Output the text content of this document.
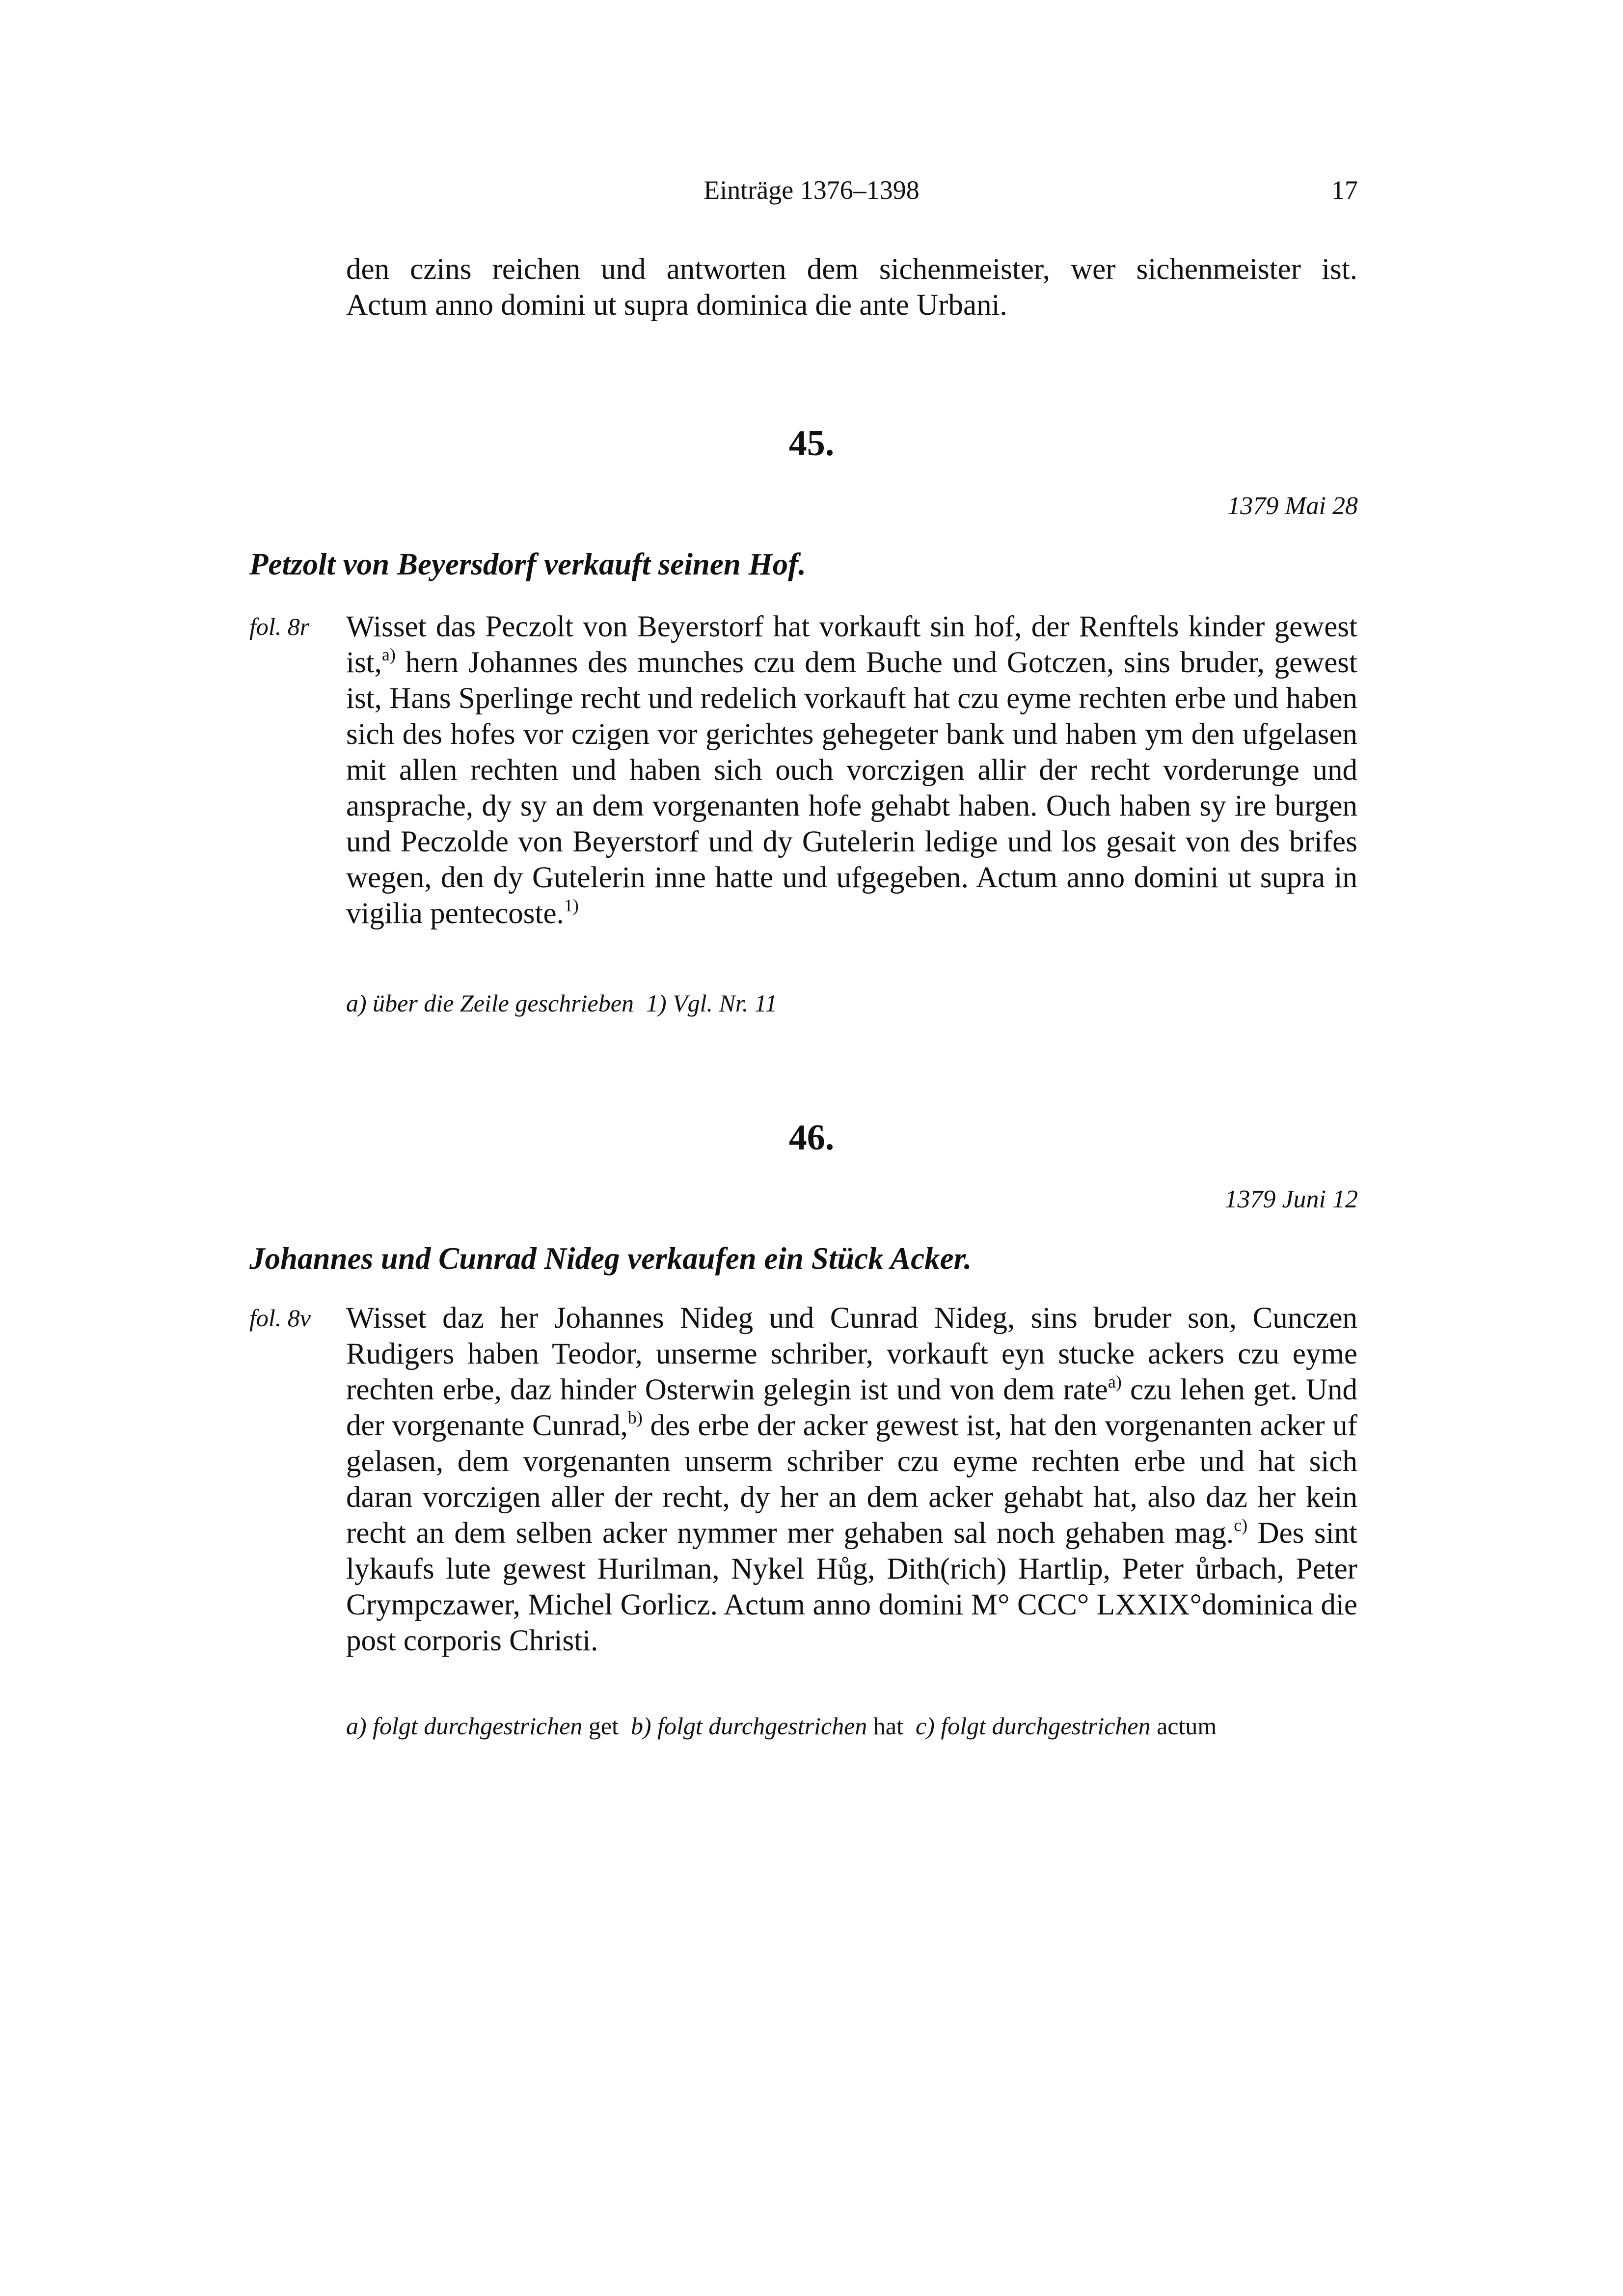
Einträge 1376–1398	17
den czins reichen und antworten dem sichenmeister, wer sichenmeister ist.
Actum anno domini ut supra dominica die ante Urbani.
45.
1379 Mai 28
Petzolt von Beyersdorf verkauft seinen Hof.
fol. 8r Wisset das Peczolt von Beyerstorf hat vorkauft sin hof, der Renftels kinder gewest ist,$^{a)}$ hern Johannes des munches czu dem Buche und Gotczen, sins bruder, gewest ist, Hans Sperlinge recht und redelich vorkauft hat czu eyme rechten erbe und haben sich des hofes vor czigen vor gerichtes gehegeter bank und haben ym den ufgelasen mit allen rechten und haben sich ouch vorczigen allir der recht vorderunge und ansprache, dy sy an dem vorgenanten hofe gehabt haben. Ouch haben sy ire burgen und Peczolde von Beyerstorf und dy Gutelerin ledige und los gesait von des brifes wegen, den dy Gutelerin inne hatte und ufgegeben. Actum anno domini ut supra in vigilia pentecoste.$^{1)}$
a) über die Zeile geschrieben 1) Vgl. Nr. 11
46.
1379 Juni 12
Johannes und Cunrad Nideg verkaufen ein Stück Acker.
fol. 8v Wisset daz her Johannes Nideg und Cunrad Nideg, sins bruder son, Cunczen Rudigers haben Teodor, unserme schriber, vorkauft eyn stucke ackers czu eyme rechten erbe, daz hinder Osterwin gelegin ist und von dem rate$^{a)}$ czu lehen get. Und der vorgenante Cunrad,$^{b)}$ des erbe der acker gewest ist, hat den vorgenanten acker uf gelasen, dem vorgenanten unserm schriber czu eyme rechten erbe und hat sich daran vorczigen aller der recht, dy her an dem acker gehabt hat, also daz her kein recht an dem selben acker nymmer mer gehaben sal noch gehaben mag.$^{c)}$ Des sint lykaufs lute gewest Hurilman, Nykel Hůg, Dith(rich) Hartlip, Peter ůrbach, Peter Crympczawer, Michel Gorlicz. Actum anno domini M° CCC° LXXIX°dominica die post corporis Christi.
a) folgt durchgestrichen get b) folgt durchgestrichen hat c) folgt durchgestrichen actum
